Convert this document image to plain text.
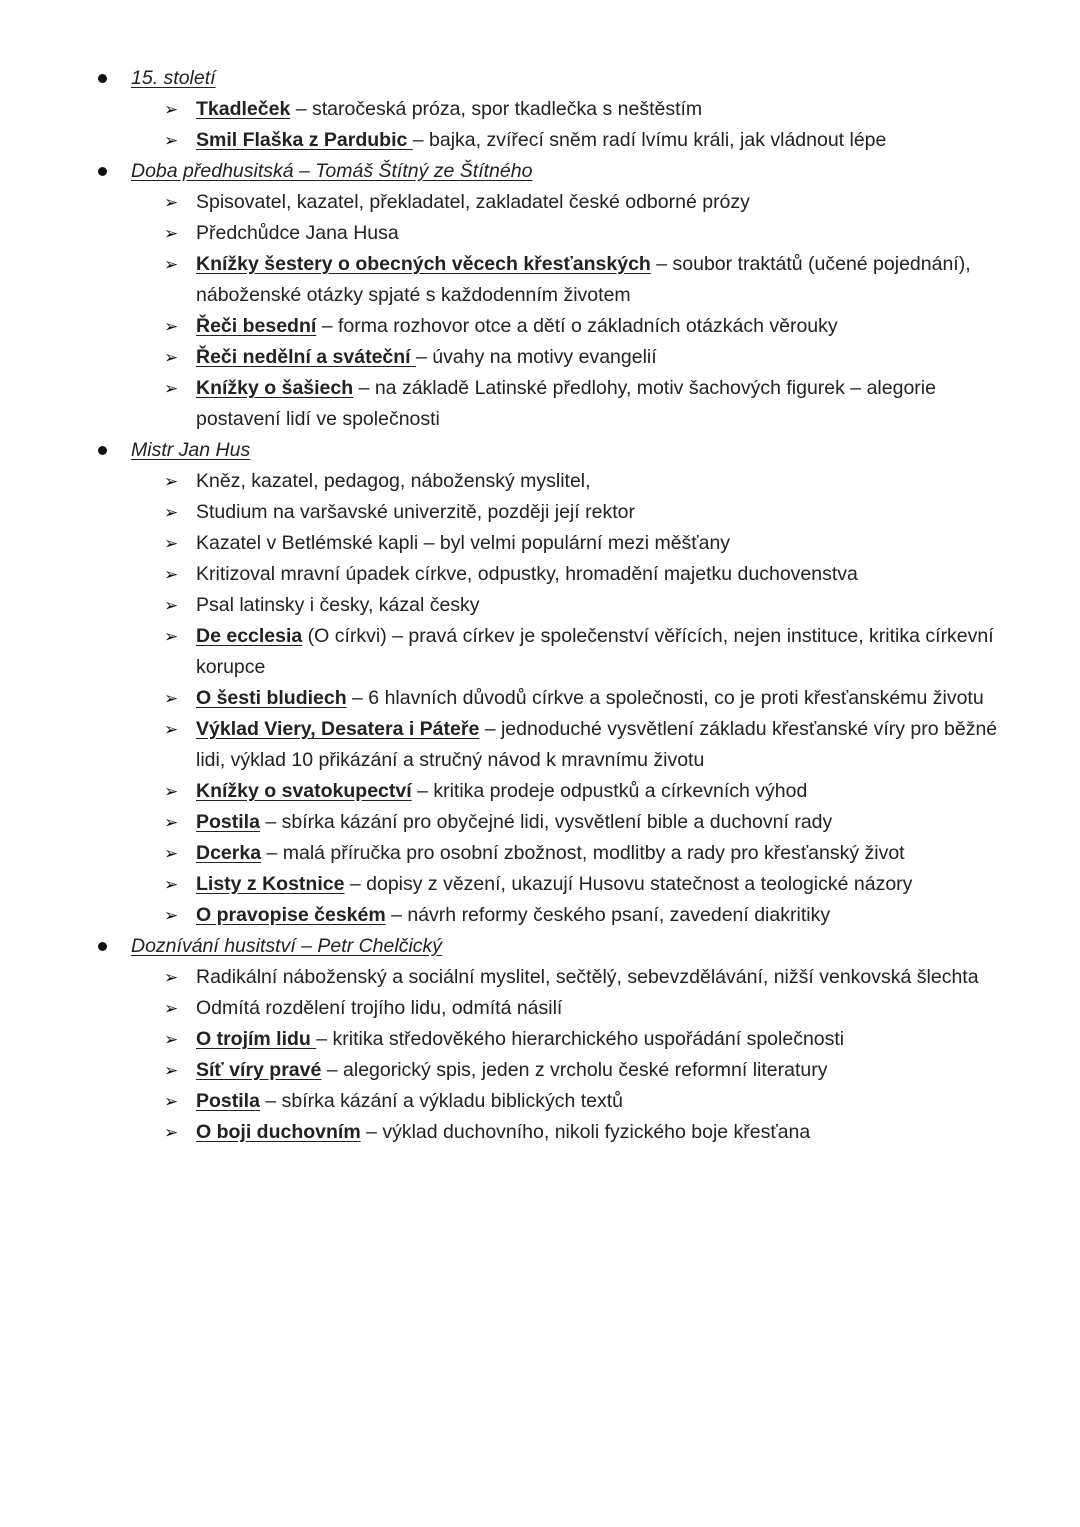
15. století
➢ Tkadleček – staročeská próza, spor tkadlečka s neštěstím
➢ Smil Flaška z Pardubic – bajka, zvířecí sněm radí lvímu králi, jak vládnout lépe
Doba předhusitská – Tomáš Štítný ze Štítného
➢ Spisovatel, kazatel, překladatel, zakladatel české odborné prózy
➢ Předchůdce Jana Husa
➢ Knížky šestery o obecných věcech křesťanských – soubor traktátů (učené pojednání), náboženské otázky spjaté s každodenním životem
➢ Řeči besední – forma rozhovor otce a dětí o základních otázkách věrouky
➢ Řeči nedělní a sváteční – úvahy na motivy evangelií
➢ Knížky o šašiech – na základě Latinské předlohy, motiv šachových figurek – alegorie postavení lidí ve společnosti
Mistr Jan Hus
➢ Kněz, kazatel, pedagog, náboženský myslitel,
➢ Studium na varšavské univerzitě, později její rektor
➢ Kazatel v Betlémské kapli – byl velmi populární mezi měšťany
➢ Kritizoval mravní úpadek církve, odpustky, hromadění majetku duchovenstva
➢ Psal latinsky i česky, kázal česky
➢ De ecclesia (O církvi) – pravá církev je společenství věřících, nejen instituce, kritika církevní korupce
➢ O šesti bludiech – 6 hlavních důvodů církve a společnosti, co je proti křesťanskému životu
➢ Výklad Viery, Desatera i Páteře – jednoduché vysvětlení základu křesťanské víry pro běžné lidi, výklad 10 přikázání a stručný návod k mravnímu životu
➢ Knížky o svatokupectví – kritika prodeje odpustků a církevních výhod
➢ Postila – sbírka kázání pro obyčejné lidi, vysvětlení bible a duchovní rady
➢ Dcerka – malá příručka pro osobní zbožnost, modlitby a rady pro křesťanský život
➢ Listy z Kostnice – dopisy z vězení, ukazují Husovu statečnost a teologické názory
➢ O pravopise českém – návrh reformy českého psaní, zavedení diakritiky
Doznívání husitství – Petr Chelčický
➢ Radikální náboženský a sociální myslitel, sečtělý, sebevzdělávání, nižší venkovská šlechta
➢ Odmítá rozdělení trojího lidu, odmítá násilí
➢ O trojím lidu – kritika středověkého hierarchického uspořádání společnosti
➢ Síť víry pravé – alegorický spis, jeden z vrcholu české reformní literatury
➢ Postila – sbírka kázání a výkladu biblických textů
➢ O boji duchovním – výklad duchovního, nikoli fyzického boje křesťana
